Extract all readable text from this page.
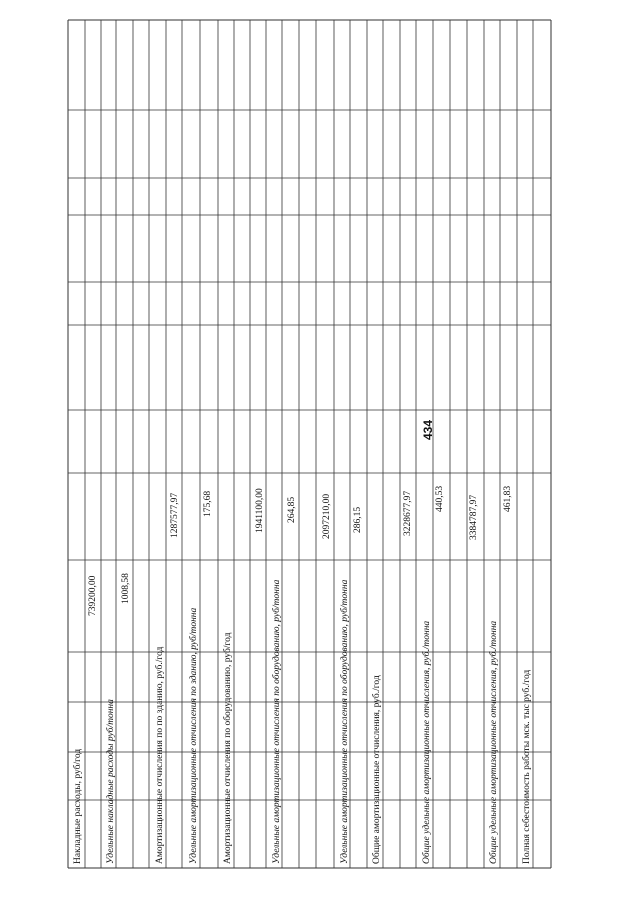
434
Накладные расходы, руб/год
739200,00
Удельные накладные расходы руб/тонна
1008,58
Амортизационные отчисления по по зданию, руб./год
1287577,97
Удельные амортизационные отчисления по зданию, руб/тонна
175,68
Амортизационные отчисления по оборудованию, руб/год
1941100,00
Удельные амортизационные отчисления по оборудованию, руб/тонна
264,85	2097210,00
Удельные амортизационные отчисления по оборудованию, руб/тонна
286,15
Общие амортизационные отчисления, руб./год
3228677,97
Общие удельные амортизационные отчисления, руб./тонна
440,53	3384787,97
Общие удельные амортизационные отчисления, руб./тонна
461,83
Полная себестоимость работы мск. тыс руб./год
